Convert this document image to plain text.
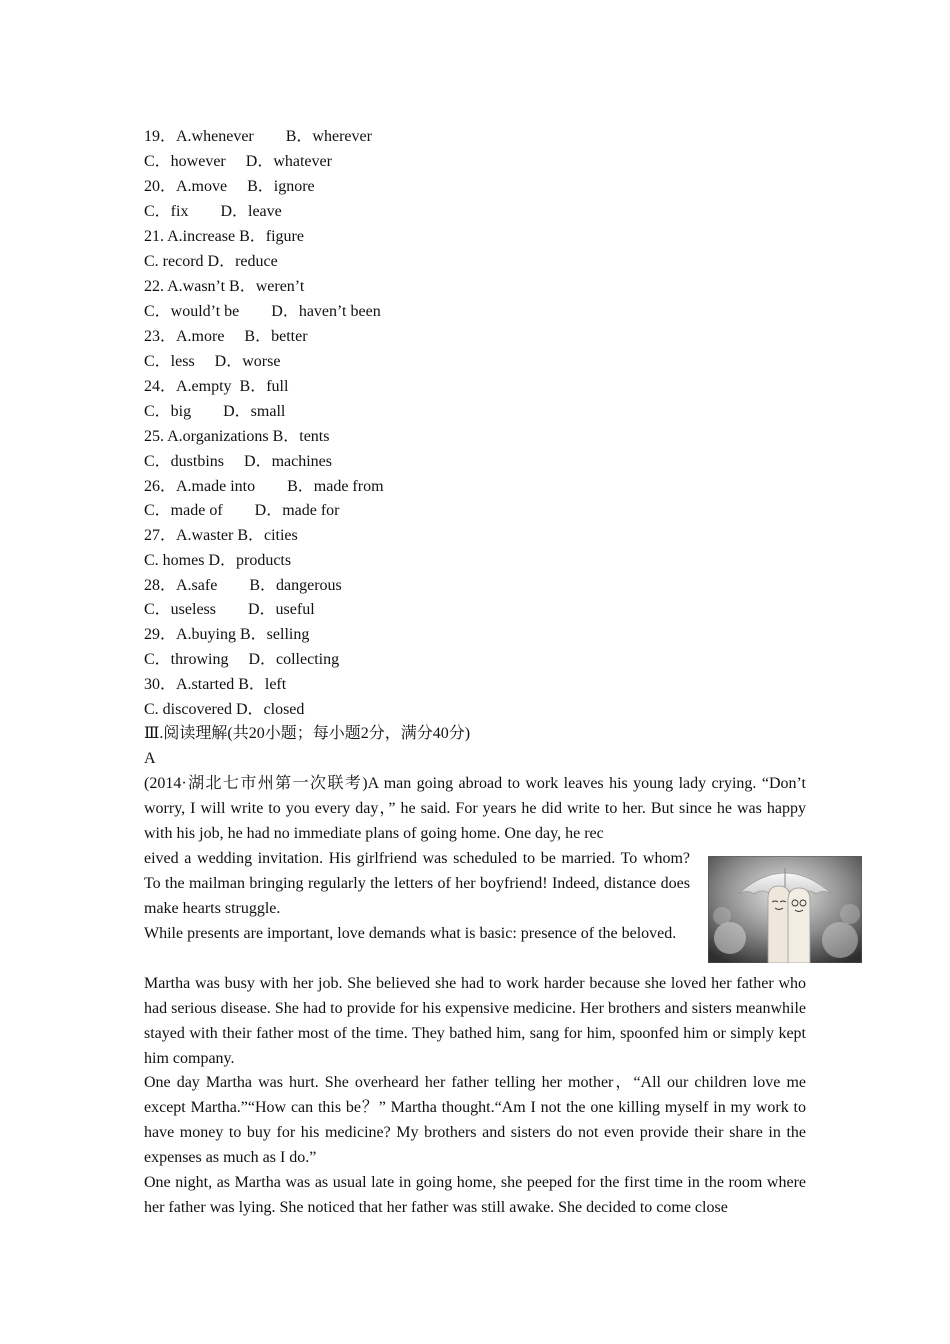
19．A.whenever　　B．wherever
C．however　 D．whatever
20．A.move　 B．ignore
C．fix　　D．leave
21. A.increase B．figure
C. record D．reduce
22. A.wasn’t B．weren’t
C．would’t be　　D．haven’t been
23．A.more　 B．better
C．less　 D．worse
24．A.empty  B．full
C．big　　D．small
25. A.organizations B．tents
C．dustbins　 D．machines
26．A.made into　　B．made from
C．made of　　D．made for
27．A.waster B．cities
C. homes D．products
28．A.safe　　B．dangerous
C．useless　　D．useful
29．A.buying B．selling
C．throwing　 D．collecting
30．A.started B．left
C. discovered D．closed
Ⅲ.阅读理解(共20小题；每小题2分，满分40分)
A
(2014·湖北七市州第一次联考)A man going abroad to work leaves his young lady crying. “Don’t worry, I will write to you every day，” he said. For years he did write to her. But since he was happy with his job, he had no immediate plans of going home. One day, he rec
eived a wedding invitation. His girlfriend was scheduled to be married. To whom? To the mailman bringing regularly the letters of her boyfriend! Indeed, distance does make hearts struggle.
While presents are important, love demands what is basic: presence of the beloved.
Martha was busy with her job. She believed she had to work harder because she loved her father who had serious disease. She had to provide for his expensive medicine. Her brothers and sisters meanwhile stayed with their father most of the time. They bathed him, sang for him, spoonfed him or simply kept him company.
One day Martha was hurt. She overheard her father telling her mother，“All our children love me except Martha.”“How can this be？” Martha thought.“Am I not the one killing myself in my work to have money to buy for his medicine? My brothers and sisters do not even provide their share in the expenses as much as I do.”
One night, as Martha was as usual late in going home, she peeped for the first time in the room where her father was lying. She noticed that her father was still awake. She decided to come close
